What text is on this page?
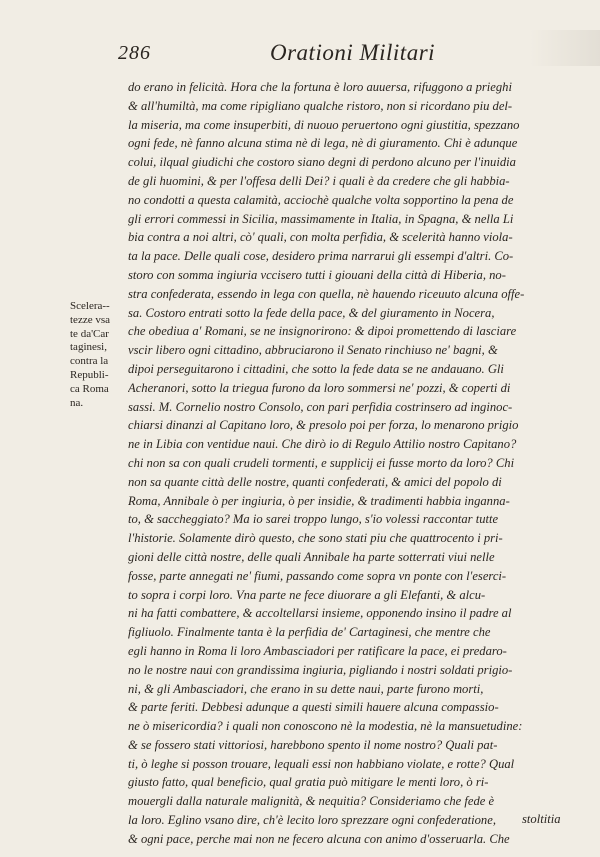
286	Orationi Militari
do erano in felicità. Hora che la fortuna è loro auuersa, rifuggono a prieghi
& all'humiltà, ma come ripigliano qualche ristoro, non si ricordano piu del-
la miseria, ma come insuperbiti, di nuouo peruertono ogni giustitia, spezzano
ogni fede, nè fanno alcuna stima nè di lega, nè di giuramento. Chi è adunque
colui, ilqual giudichi che costoro siano degni di perdono alcuno per l'inuidia
de gli huomini, & per l'offesa delli Dei? i quali è da credere che gli habbia-
no condotti a questa calamità, acciochè qualche volta sopportino la pena de
gli errori commessi in Sicilia, massimamente in Italia, in Spagna, & nella Li
bia contra a noi altri, cò' quali, con molta perfidia, & scelerità hanno viola-
ta la pace. Delle quali cose, desidero prima narrarui gli essempi d'altri. Co-
storo con somma ingiuria vccisero tutti i giouani della città di Hiberia, no-
stra confederata, essendo in lega con quella, nè hauendo riceuuto alcuna offe-
sa. Costoro entrati sotto la fede della pace, & del giuramento in Nocera,
che obediua a' Romani, se ne insignorirono: & dipoi promettendo di lasciare
vscir libero ogni cittadino, abbruciarono il Senato rinchiuso ne' bagni, &
dipoi perseguitarono i cittadini, che sotto la fede data se ne andauano. Gli
Acheranori, sotto la triegua furono da loro sommersi ne' pozzi, & coperti di
sassi. M. Cornelio nostro Consolo, con pari perfidia costrinsero ad inginoc-
chiarsi dinanzi al Capitano loro, & presolo poi per forza, lo menarono prigio
ne in Libia con ventidue naui. Che dirò io di Regulo Attilio nostro Capitano?
chi non sa con quali crudeli tormenti, e supplicij ei fusse morto da loro? Chi
non sa quante città delle nostre, quanti confederati, & amici del popolo di
Roma, Annibale ò per ingiuria, ò per insidie, & tradimenti habbia inganna-
to, & saccheggiato? Ma io sarei troppo lungo, s'io volessi raccontar tutte
l'historie. Solamente dirò questo, che sono stati piu che quattrocento i pri-
gioni delle città nostre, delle quali Annibale ha parte sotterrati viui nelle
fosse, parte annegati ne' fiumi, passando come sopra vn ponte con l'eserci-
to sopra i corpi loro. Vna parte ne fece diuorare a gli Elefanti, & alcu-
ni ha fatti combattere, & accoltellarsi insieme, opponendo insino il padre al
figliuolo. Finalmente tanta è la perfidia de' Cartaginesi, che mentre che
egli hanno in Roma li loro Ambasciadori per ratificare la pace, ei predaro-
no le nostre naui con grandissima ingiuria, pigliando i nostri soldati prigio-
ni, & gli Ambasciadori, che erano in su dette naui, parte furono morti,
& parte feriti. Debbesi adunque a questi simili hauere alcuna compassio-
ne ò misericordia? i quali non conoscono nè la modestia, nè la mansuetudine:
& se fossero stati vittoriosi, harebbono spento il nome nostro? Quali pat-
ti, ò leghe si posson trouare, lequali essi non habbiano violate, e rotte? Qual
giusto fatto, qual beneficio, qual gratia può mitigare le menti loro, ò ri-
mouergli dalla naturale malignità, & nequitia? Consideriamo che fede è
la loro. Eglino vsano dire, ch'è lecito loro sprezzare ogni confederatione,
& ogni pace, perche mai non ne fecero alcuna con animo d'osseruarla. Che
Scelera--
tezze vsa
te da'Car
taginesi,
contra la
Republi-
ca Roma
na.
stoltitia
